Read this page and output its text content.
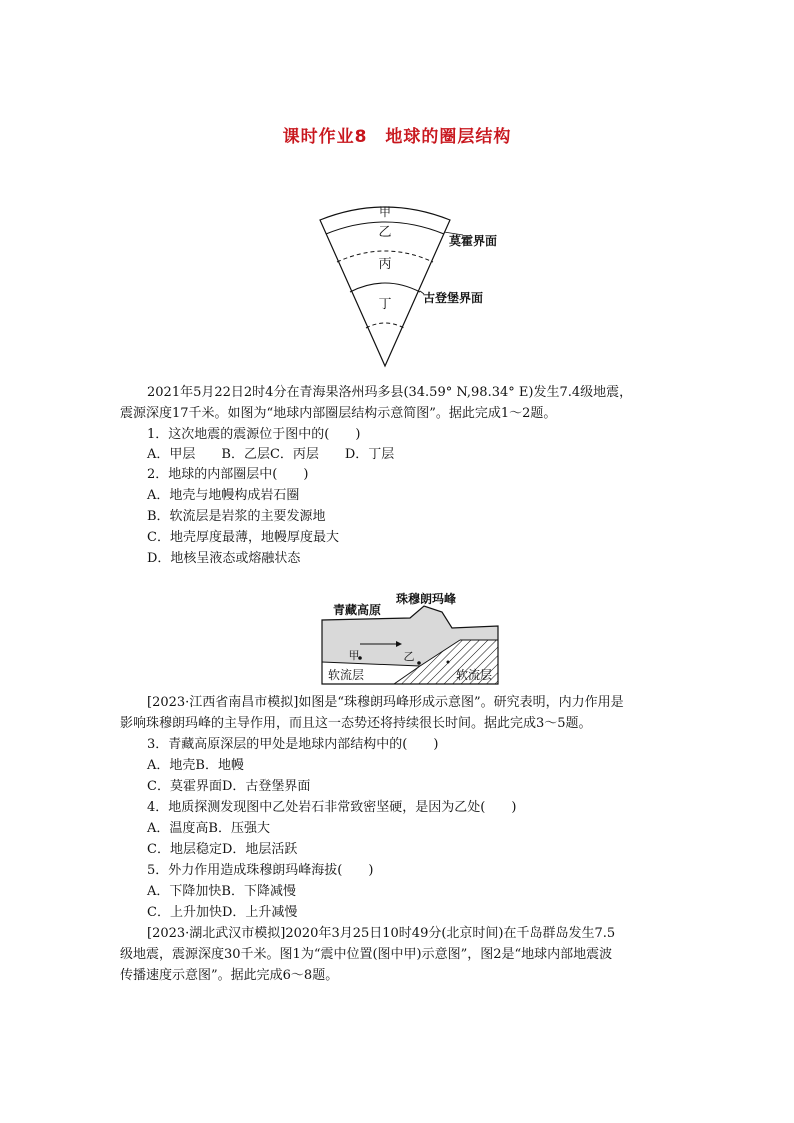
课时作业8　地球的圈层结构
甲
乙
丙
丁
莫霍界面
古登堡界面
2021年5月22日2时4分在青海果洛州玛多县(34.59° N,98.34° E)发生7.4级地震，
震源深度17千米。如图为“地球内部圈层结构示意简图”。据此完成1～2题。
1．这次地震的震源位于图中的(　　)
A．甲层　　B．乙层C．丙层　　D．丁层
2．地球的内部圈层中(　　)
A．地壳与地幔构成岩石圈
B．软流层是岩浆的主要发源地
C．地壳厚度最薄，地幔厚度最大
D．地核呈液态或熔融状态
珠穆朗玛峰
青藏高原
甲	乙
软流层	软流层
[2023·江西省南昌市模拟]如图是“珠穆朗玛峰形成示意图”。研究表明，内力作用是
影响珠穆朗玛峰的主导作用，而且这一态势还将持续很长时间。据此完成3～5题。
3．青藏高原深层的甲处是地球内部结构中的(　　)
A．地壳B．地幔
C．莫霍界面D．古登堡界面
4．地质探测发现图中乙处岩石非常致密坚硬，是因为乙处(　　)
A．温度高B．压强大
C．地层稳定D．地层活跃
5．外力作用造成珠穆朗玛峰海拔(　　)
A．下降加快B．下降减慢
C．上升加快D．上升减慢
[2023·湖北武汉市模拟]2020年3月25日10时49分(北京时间)在千岛群岛发生7.5
级地震，震源深度30千米。图1为“震中位置(图中甲)示意图”，图2是“地球内部地震波
传播速度示意图”。据此完成6～8题。
